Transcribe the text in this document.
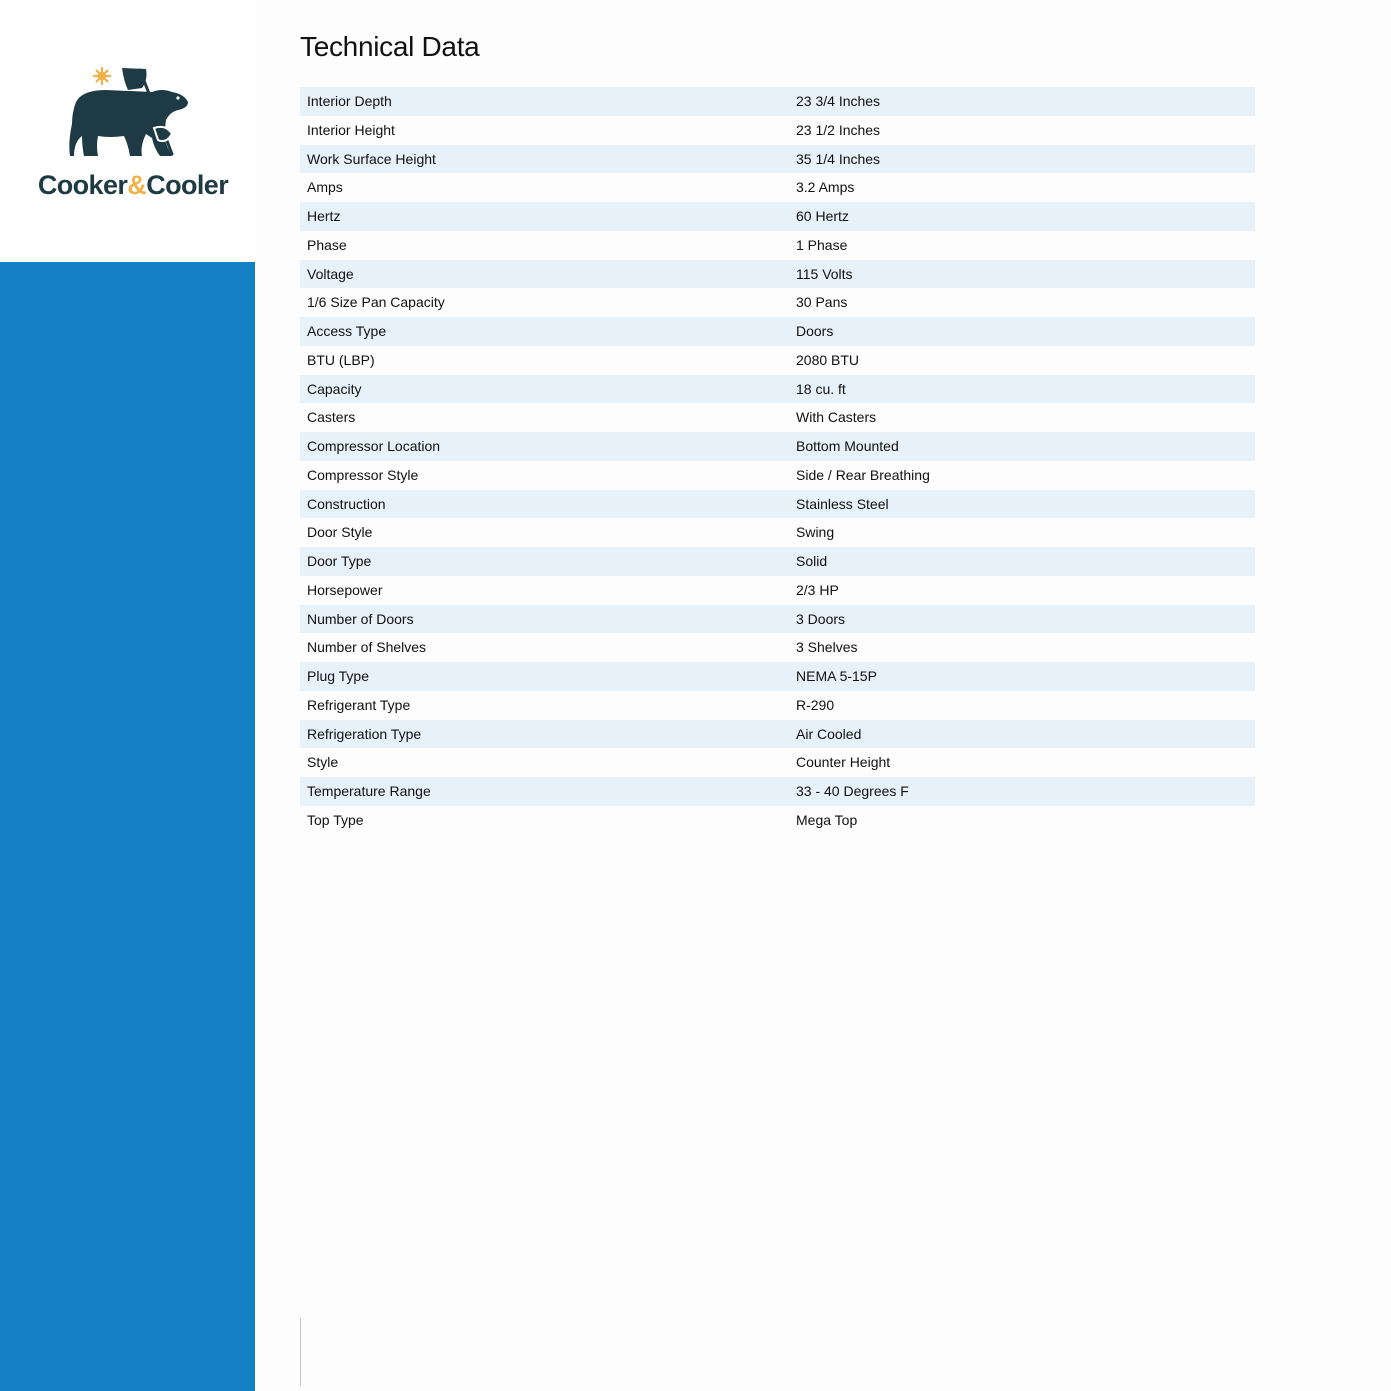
Cooker&Cooler
Technical Data
Interior Depth	23 3/4 Inches
Interior Height	23 1/2 Inches
Work Surface Height	35 1/4 Inches
Amps	3.2 Amps
Hertz	60 Hertz
Phase	1 Phase
Voltage	115 Volts
1/6 Size Pan Capacity	30 Pans
Access Type	Doors
BTU (LBP)	2080 BTU
Capacity	18 cu. ft
Casters	With Casters
Compressor Location	Bottom Mounted
Compressor Style	Side / Rear Breathing
Construction	Stainless Steel
Door Style	Swing
Door Type	Solid
Horsepower	2/3 HP
Number of Doors	3 Doors
Number of Shelves	3 Shelves
Plug Type	NEMA 5-15P
Refrigerant Type	R-290
Refrigeration Type	Air Cooled
Style	Counter Height
Temperature Range	33 - 40 Degrees F
Top Type	Mega Top
